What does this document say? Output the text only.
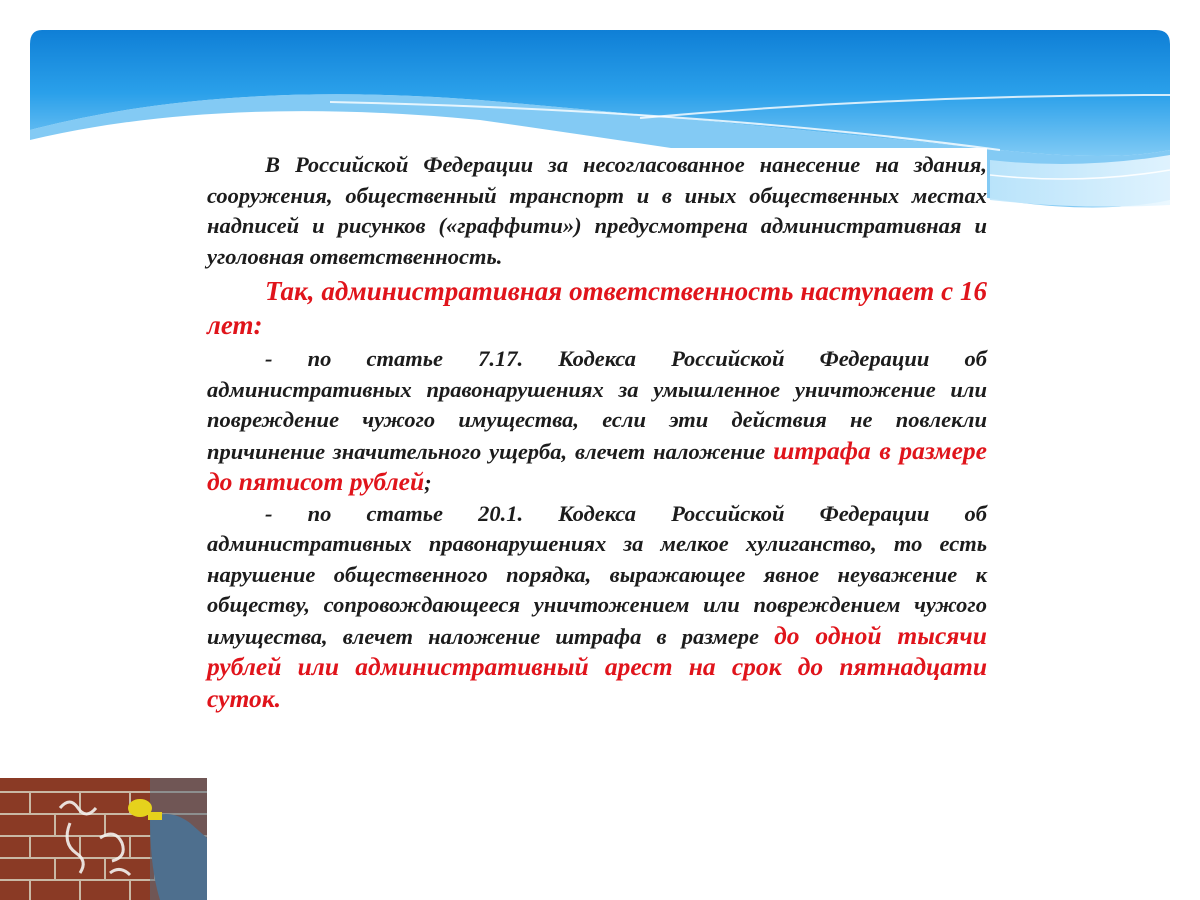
В Российской Федерации за несогласованное нанесение на здания, сооружения, общественный транспорт и в иных общественных местах надписей и рисунков («граффити») предусмотрена административная и уголовная ответственность.

Так, административная ответственность наступает с 16 лет:

- по статье 7.17. Кодекса Российской Федерации об административных правонарушениях за умышленное уничтожение или повреждение чужого имущества, если эти действия не повлекли причинение значительного ущерба, влечет наложение штрафа в размере до пятисот рублей;

- по статье 20.1. Кодекса Российской Федерации об административных правонарушениях за мелкое хулиганство, то есть нарушение общественного порядка, выражающее явное неуважение к обществу, сопровождающееся уничтожением или повреждением чужого имущества, влечет наложение штрафа в размере до одной тысячи рублей или административный арест на срок до пятнадцати суток.
